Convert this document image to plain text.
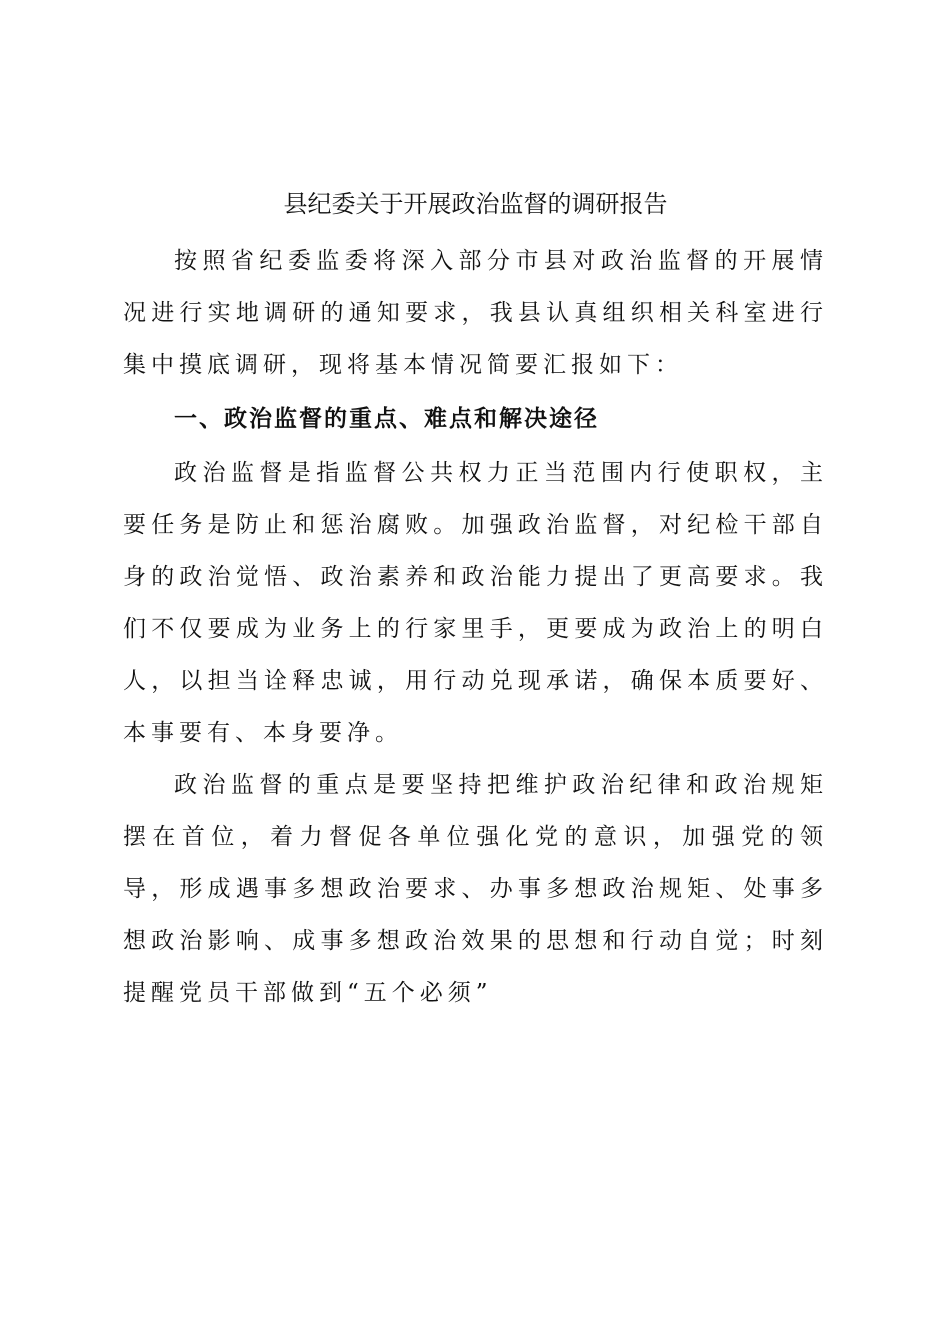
县纪委关于开展政治监督的调研报告

按照省纪委监委将深入部分市县对政治监督的开展情况进行实地调研的通知要求，我县认真组织相关科室进行集中摸底调研，现将基本情况简要汇报如下：

一、政治监督的重点、难点和解决途径

政治监督是指监督公共权力正当范围内行使职权，主要任务是防止和惩治腐败。加强政治监督，对纪检干部自身的政治觉悟、政治素养和政治能力提出了更高要求。我们不仅要成为业务上的行家里手，更要成为政治上的明白人，以担当诠释忠诚，用行动兑现承诺，确保本质要好、本事要有、本身要净。

政治监督的重点是要坚持把维护政治纪律和政治规矩摆在首位，着力督促各单位强化党的意识，加强党的领导，形成遇事多想政治要求、办事多想政治规矩、处事多想政治影响、成事多想政治效果的思想和行动自觉；时刻提醒党员干部做到“五个必须”
